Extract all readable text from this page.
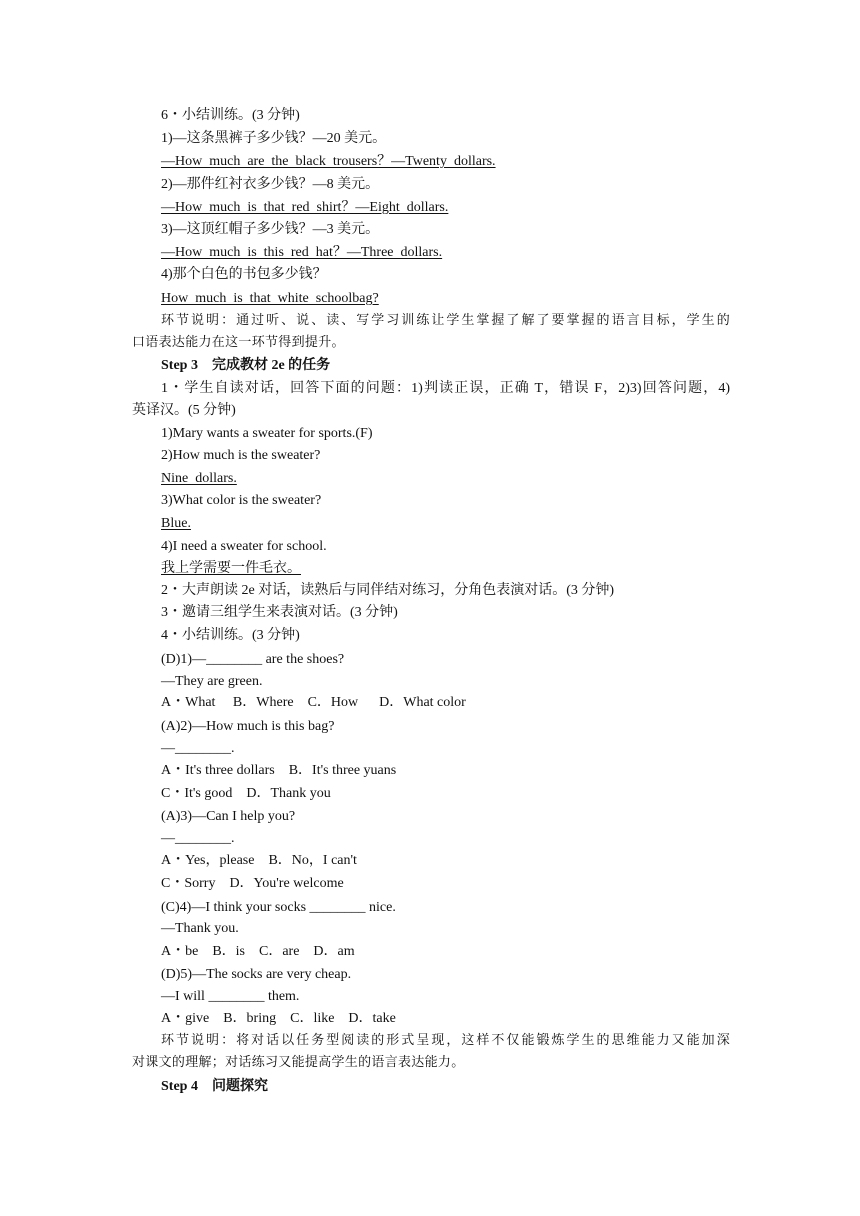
6・小结训练。(3 分钟)
1)—这条黑裤子多少钱？—20 美元。
—How  much  are  the  black  trousers？—Twenty  dollars.
2)—那件红衬衣多少钱？—8 美元。
—How  much  is  that  red  shirt？—Eight  dollars.
3)—这顶红帽子多少钱？—3 美元。
—How  much  is  this  red  hat？—Three  dollars.
4)那个白色的书包多少钱？
How  much  is  that  white  schoolbag?
环节说明：通过听、说、读、写学习训练让学生掌握了解了要掌握的语言目标，学生的
口语表达能力在这一环节得到提升。
Step 3　完成教材 2e 的任务
1・学生自读对话，回答下面的问题：1)判读正误，正确 T，错误 F，2)3)回答问题，4)
英译汉。(5 分钟)
1)Mary wants a sweater for sports.(F)
2)How much is the sweater?
Nine  dollars.
3)What color is the sweater?
Blue.
4)I need a sweater for school.
我上学需要一件毛衣。
2・大声朗读 2e 对话，读熟后与同伴结对练习，分角色表演对话。(3 分钟)
3・邀请三组学生来表演对话。(3 分钟)
4・小结训练。(3 分钟)
(D)1)—________ are the shoes?
—They are green.
A・What　 B．Where　C．How　  D．What color
(A)2)—How much is this bag?
—________.
A・It's three dollars　B．It's three yuans
C・It's good　D．Thank you
(A)3)—Can I help you?
—________.
A・Yes，please　B．No，I can't
C・Sorry　D．You're welcome
(C)4)—I think your socks ________ nice.
—Thank you.
A・be　B．is　C．are　D．am
(D)5)—The socks are very cheap.
—I will ________ them.
A・give　B．bring　C．like　D．take
环节说明：将对话以任务型阅读的形式呈现，这样不仅能锻炼学生的思维能力又能加深
对课文的理解；对话练习又能提高学生的语言表达能力。
Step 4　问题探究
